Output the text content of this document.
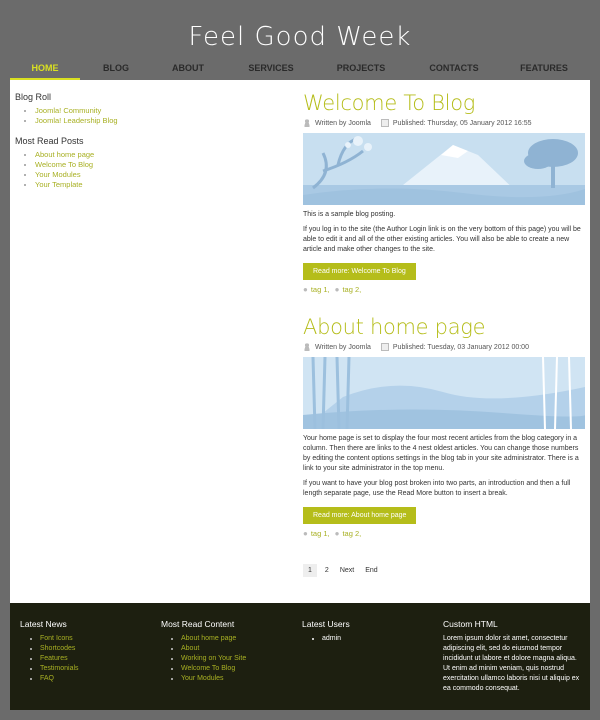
Feel Good Week
HOME	BLOG	ABOUT	SERVICES	PROJECTS	CONTACTS	FEATURES
Blog Roll
• Joomla! Community
• Joomla! Leadership Blog
Most Read Posts
• About home page
• Welcome To Blog
• Your Modules
• Your Template
Welcome To Blog
Written by Joomla	Published: Thursday, 05 January 2012 16:55

This is a sample blog posting.

If you log in to the site (the Author Login link is on the very bottom of this page) you will be able to edit it and all of the other existing articles. You will also be able to create a new article and make other changes to the site.

Read more: Welcome To Blog
● tag 1, ● tag 2,
About home page
Written by Joomla	Published: Tuesday, 03 January 2012 00:00

Your home page is set to display the four most recent articles from the blog category in a column. Then there are links to the 4 nest oldest articles. You can change those numbers by editing the content options settings in the blog tab in your site administrator. There is a link to your site administrator in the top menu.

If you want to have your blog post broken into two parts, an introduction and then a full length separate page, use the Read More button to insert a break.

Read more: About home page
● tag 1, ● tag 2,
1	2 Next End
Latest News
• Font Icons
• Shortcodes
• Features
• Testimonials
• FAQ
Most Read Content
• About home page
• About
• Working on Your Site
• Welcome To Blog
• Your Modules
Latest Users
• admin
Custom HTML

Lorem ipsum dolor sit amet, consectetur adipiscing elit, sed do eiusmod tempor incididunt ut labore et dolore magna aliqua. Ut enim ad minim veniam, quis nostrud exercitation ullamco laboris nisi ut aliquip ex ea commodo consequat.
